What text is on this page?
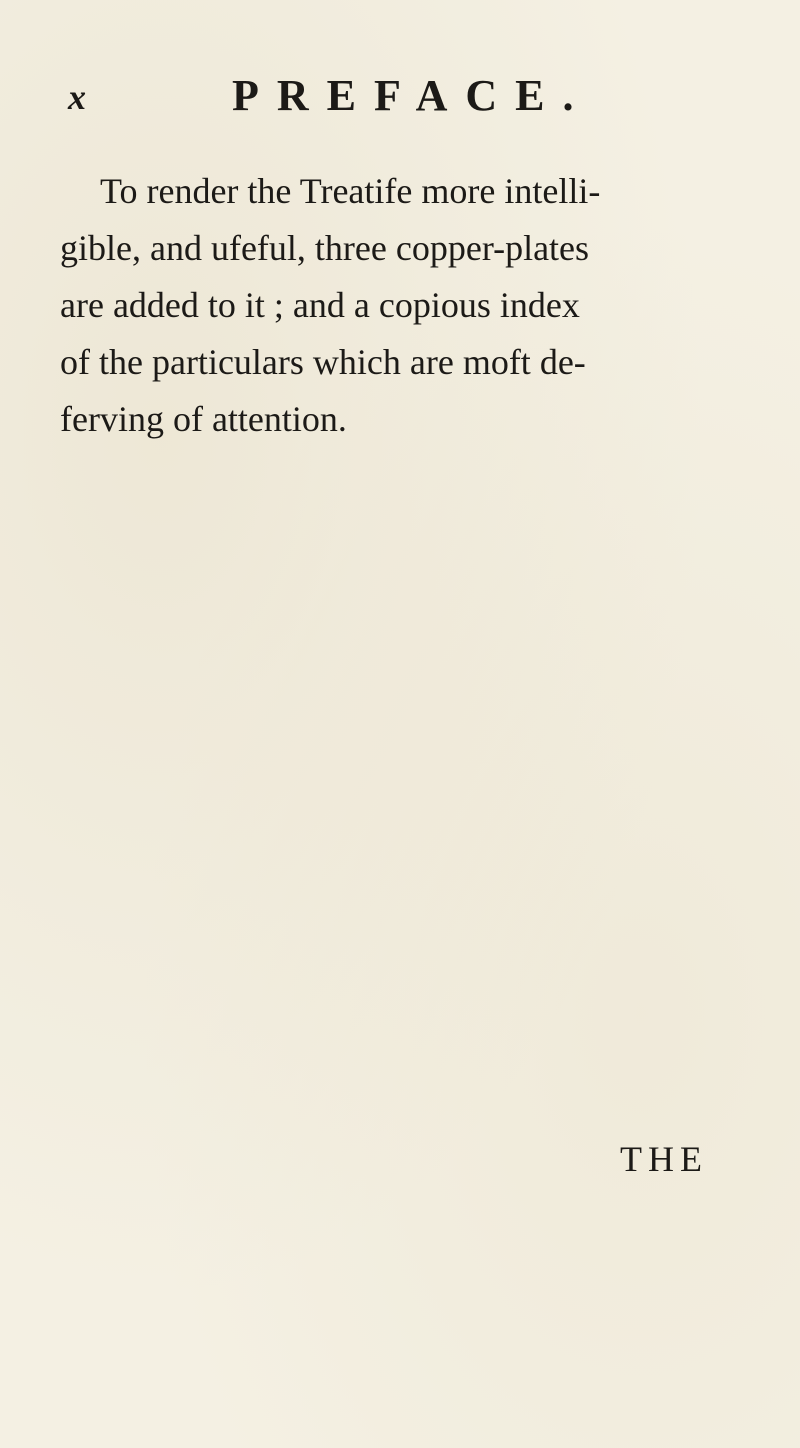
x	PREFACE.
To render the Treatife more intelli-
gible, and ufeful, three copper-plates
are added to it ; and a copious index
of the particulars which are moft de-
ferving of attention.
THE
